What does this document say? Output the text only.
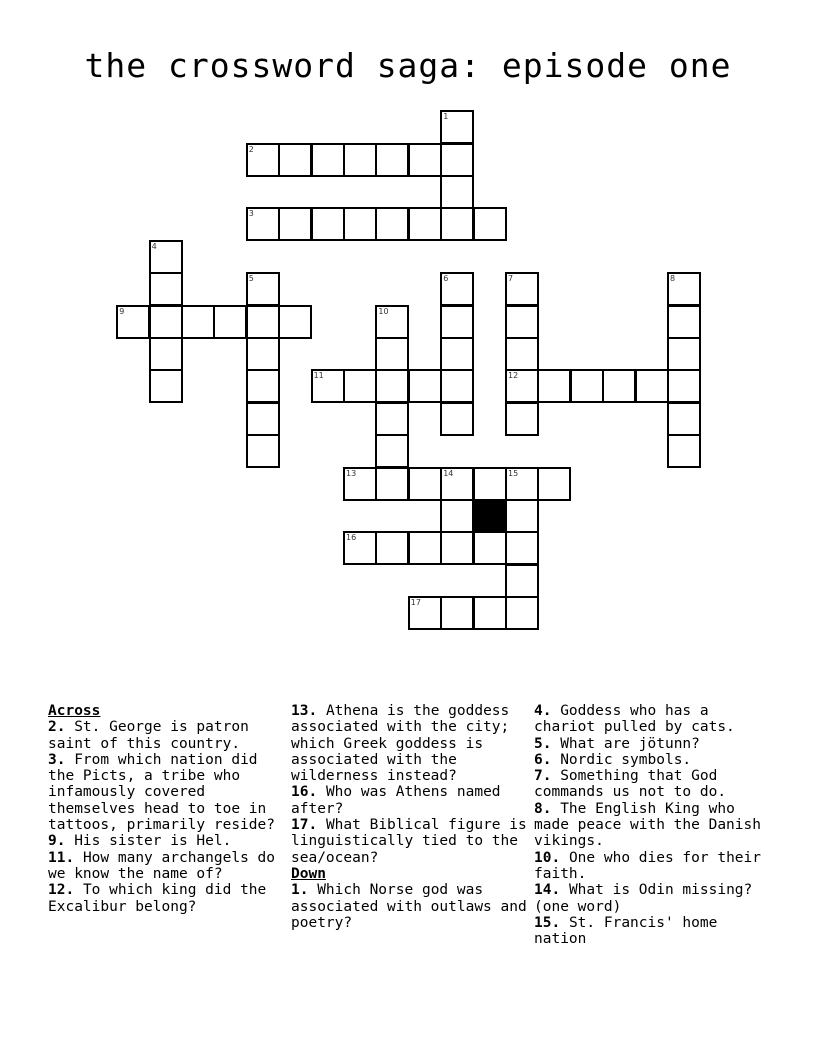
the crossword saga: episode one
1
2
3
4
5	6	7	8
9	10
11	12
13	14	15
16
17
Across
2. St. George is patron saint of this country.
3. From which nation did the Picts, a tribe who infamously covered themselves head to toe in tattoos, primarily reside?
9. His sister is Hel.
11. How many archangels do we know the name of?
12. To which king did the Excalibur belong?
13. Athena is the goddess associated with the city; which Greek goddess is associated with the wilderness instead?
16. Who was Athens named after?
17. What Biblical figure is linguistically tied to the sea/ocean?
Down
1. Which Norse god was associated with outlaws and poetry?
4. Goddess who has a chariot pulled by cats.
5. What are jötunn?
6. Nordic symbols.
7. Something that God commands us not to do.
8. The English King who made peace with the Danish vikings.
10. One who dies for their faith.
14. What is Odin missing? (one word)
15. St. Francis' home nation
